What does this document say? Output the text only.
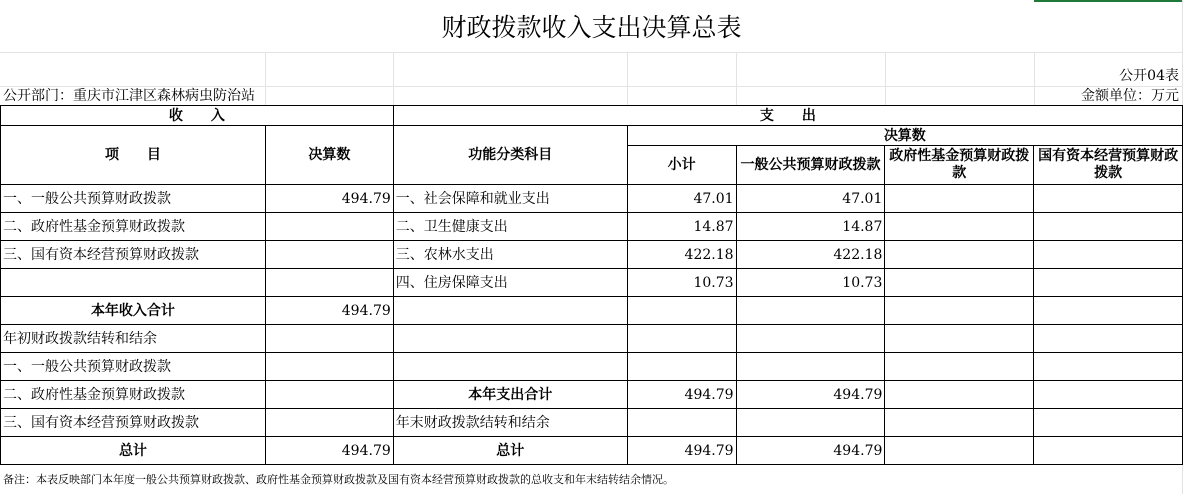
财政拨款收入支出决算总表
公开04表
公开部门：重庆市江津区森林病虫防治站	金额单位：万元
收　　入		支　　出				
项　　目	决算数	功能分类科目	决算数			
			小计	一般公共预算财政拨款	政府性基金预算财政拨款	国有资本经营预算财政拨款
一、一般公共预算财政拨款	494.79	一、社会保障和就业支出	47.01	47.01		
二、政府性基金预算财政拨款		二、卫生健康支出	14.87	14.87		
三、国有资本经营预算财政拨款		三、农林水支出	422.18	422.18		
		四、住房保障支出	10.73	10.73		
本年收入合计	494.79					
年初财政拨款结转和结余						
一、一般公共预算财政拨款						
二、政府性基金预算财政拨款		本年支出合计	494.79	494.79		
三、国有资本经营预算财政拨款		年末财政拨款结转和结余				
总计	494.79	总计	494.79	494.79		
备注：本表反映部门本年度一般公共预算财政拨款、政府性基金预算财政拨款及国有资本经营预算财政拨款的总收支和年末结转结余情况。
